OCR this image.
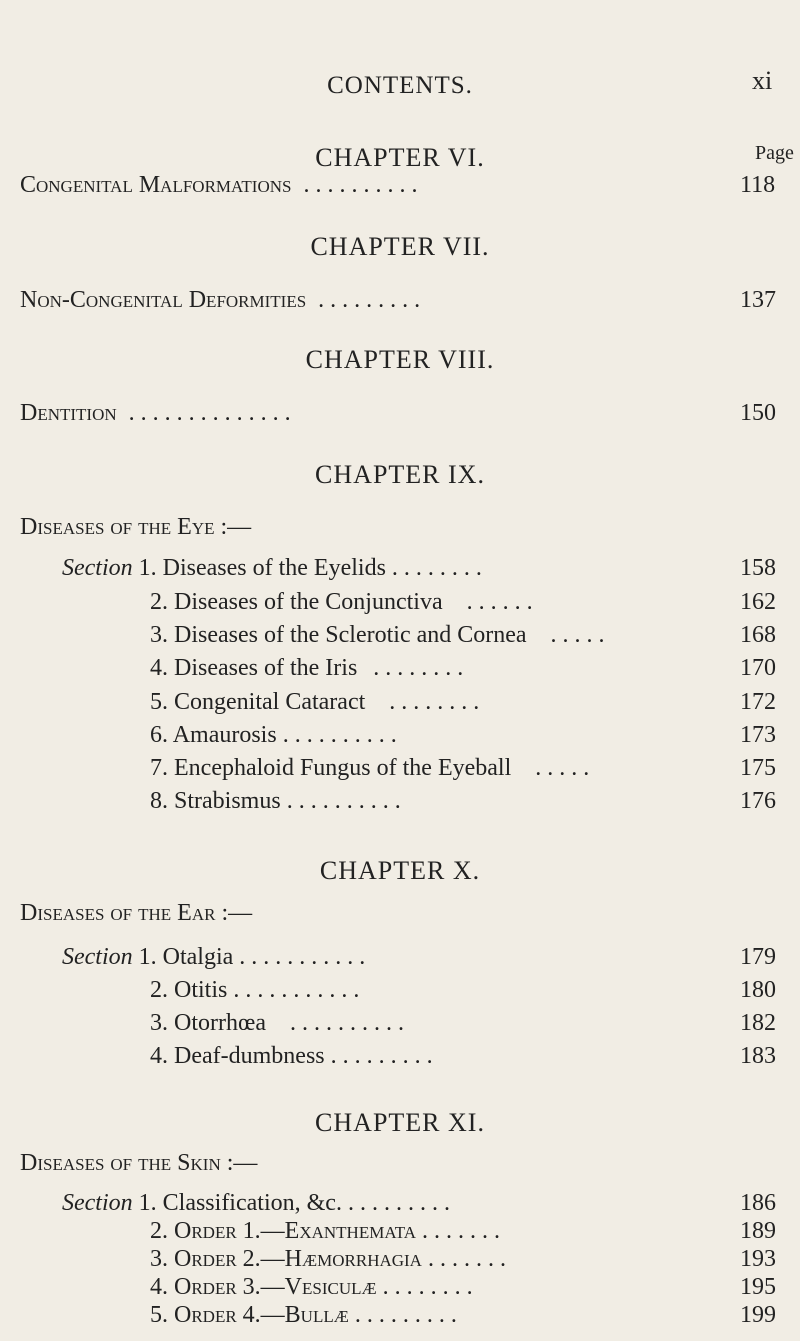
CONTENTS.	xi
CHAPTER VI.	Page
Congenital Malformations . . . . . . . . . .	118
CHAPTER VII.
Non-Congenital Deformities . . . . . . . . .	137
CHAPTER VIII.
Dentition . . . . . . . . . . . . . .	150
CHAPTER IX.
Diseases of the Eye :—
Section 1. Diseases of the Eyelids . . . . . . . .	158
2. Diseases of the Conjunctiva . . . . . .	162
3. Diseases of the Sclerotic and Cornea . . . . .	168
4. Diseases of the Iris . . . . . . . .	170
5. Congenital Cataract . . . . . . . .	172
6. Amaurosis . . . . . . . . . .	173
7. Encephaloid Fungus of the Eyeball . . . . .	175
8. Strabismus . . . . . . . . . .	176
CHAPTER X.
Diseases of the Ear :—
Section 1. Otalgia . . . . . . . . . . .	179
2. Otitis . . . . . . . . . . .	180
3. Otorrhœa . . . . . . . . . .	182
4. Deaf-dumbness . . . . . . . . .	183
CHAPTER XI.
Diseases of the Skin :—
Section 1. Classification, &c. . . . . . . . . .	186
2. Order 1.—Exanthemata . . . . . . .	189
3. Order 2.—Hæmorrhagia . . . . . . .	193
4. Order 3.—Vesiculæ . . . . . . . .	195
5. Order 4.—Bullæ . . . . . . . . .	199
